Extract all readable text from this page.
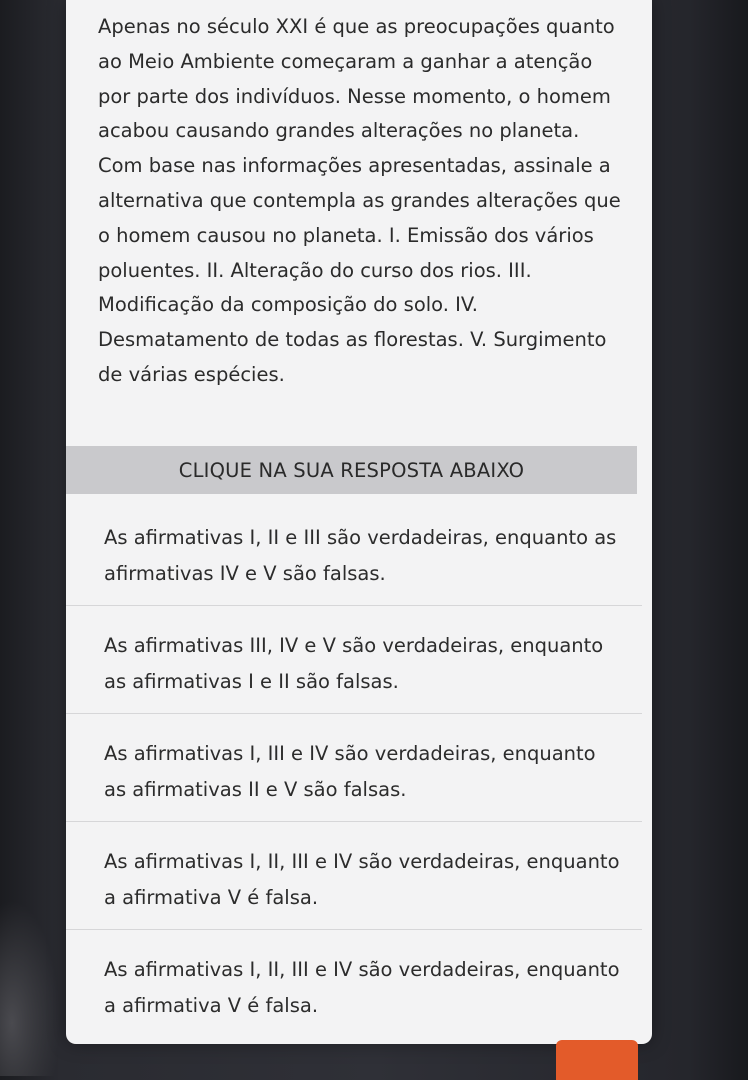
Apenas no século XXI é que as preocupações quanto ao Meio Ambiente começaram a ganhar a atenção por parte dos indivíduos. Nesse momento, o homem acabou causando grandes alterações no planeta. Com base nas informações apresentadas, assinale a alternativa que contempla as grandes alterações que o homem causou no planeta. I. Emissão dos vários poluentes. II. Alteração do curso dos rios. III. Modificação da composição do solo. IV. Desmatamento de todas as florestas. V. Surgimento de várias espécies.
CLIQUE NA SUA RESPOSTA ABAIXO
As afirmativas I, II e III são verdadeiras, enquanto as afirmativas IV e V são falsas.
As afirmativas III, IV e V são verdadeiras, enquanto as afirmativas I e II são falsas.
As afirmativas I, III e IV são verdadeiras, enquanto as afirmativas II e V são falsas.
As afirmativas I, II, III e IV são verdadeiras, enquanto a afirmativa V é falsa.
As afirmativas I, II, III e IV são verdadeiras, enquanto a afirmativa V é falsa.
